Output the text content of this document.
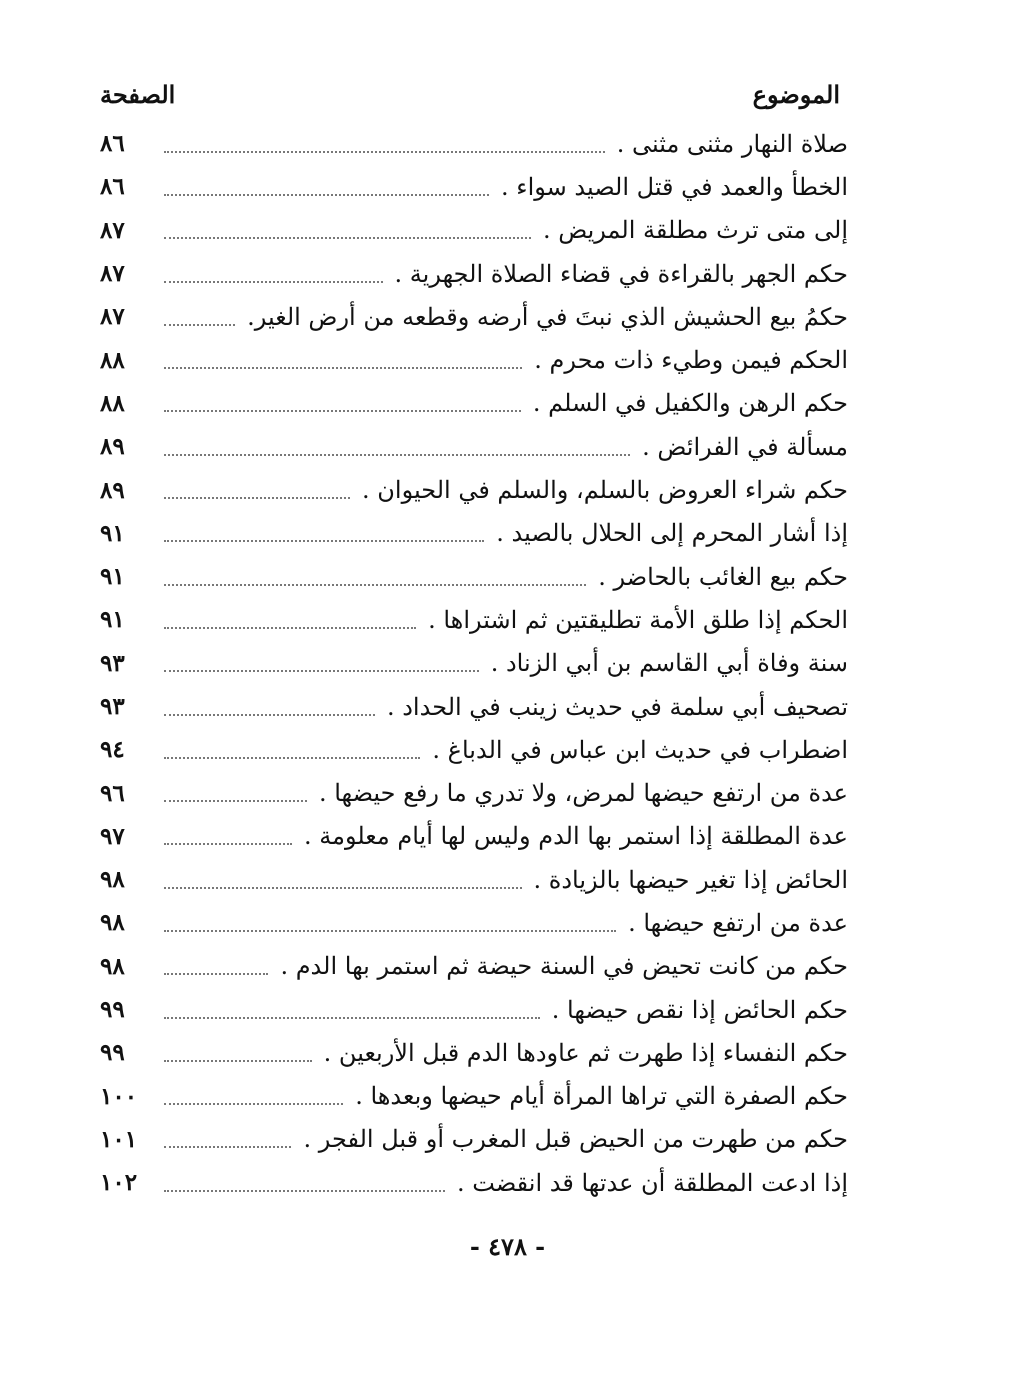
الموضوع
الصفحة
صلاة النهار مثنى مثنى .
٨٦
الخطأ والعمد في قتل الصيد سواء .
٨٦
إلى متى ترث مطلقة المريض .
٨٧
حكم الجهر بالقراءة في قضاء الصلاة الجهرية .
٨٧
حكمُ بيع الحشيش الذي نبتَ في أرضه وقطعه من أرض الغير.
٨٧
الحكم فيمن وطيء ذات محرم .
٨٨
حكم الرهن والكفيل في السلم .
٨٨
مسألة في الفرائض .
٨٩
حكم شراء العروض بالسلم، والسلم في الحيوان .
٨٩
إذا أشار المحرم إلى الحلال بالصيد .
٩١
حكم بيع الغائب بالحاضر .
٩١
الحكم إذا طلق الأمة تطليقتين ثم اشتراها .
٩١
سنة وفاة أبي القاسم بن أبي الزناد .
٩٣
تصحيف أبي سلمة في حديث زينب في الحداد .
٩٣
اضطراب في حديث ابن عباس في الدباغ .
٩٤
عدة من ارتفع حيضها لمرض، ولا تدري ما رفع حيضها .
٩٦
عدة المطلقة إذا استمر بها الدم وليس لها أيام معلومة .
٩٧
الحائض إذا تغير حيضها بالزيادة .
٩٨
عدة من ارتفع حيضها .
٩٨
حكم من كانت تحيض في السنة حيضة ثم استمر بها الدم .
٩٨
حكم الحائض إذا نقص حيضها .
٩٩
حكم النفساء إذا طهرت ثم عاودها الدم قبل الأربعين .
٩٩
حكم الصفرة التي تراها المرأة أيام حيضها وبعدها .
١٠٠
حكم من طهرت من الحيض قبل المغرب أو قبل الفجر .
١٠١
إذا ادعت المطلقة أن عدتها قد انقضت .
١٠٢
- ٤٧٨ -
